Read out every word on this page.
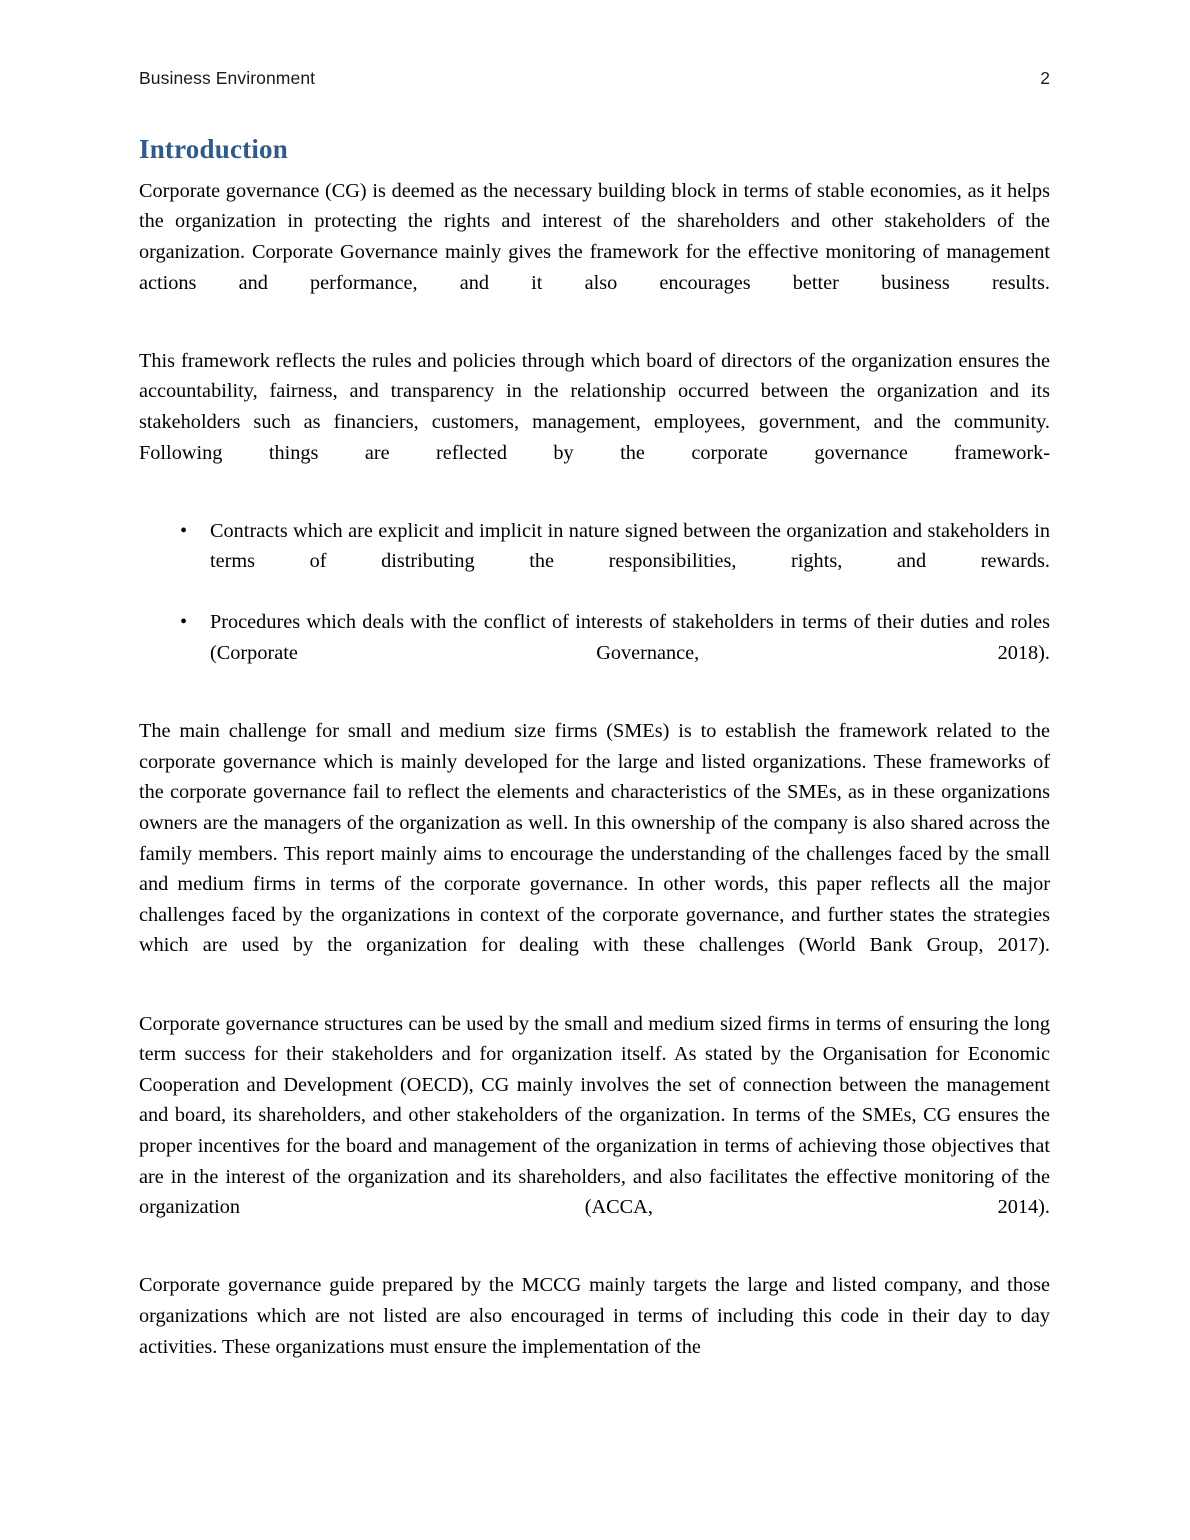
Business Environment	2
Introduction

Corporate governance (CG) is deemed as the necessary building block in terms of stable economies, as it helps the organization in protecting the rights and interest of the shareholders and other stakeholders of the organization. Corporate Governance mainly gives the framework for the effective monitoring of management actions and performance, and it also encourages better business results.

This framework reflects the rules and policies through which board of directors of the organization ensures the accountability, fairness, and transparency in the relationship occurred between the organization and its stakeholders such as financiers, customers, management, employees, government, and the community. Following things are reflected by the corporate governance framework-

• Contracts which are explicit and implicit in nature signed between the organization and stakeholders in terms of distributing the responsibilities, rights, and rewards.
• Procedures which deals with the conflict of interests of stakeholders in terms of their duties and roles (Corporate Governance, 2018).

The main challenge for small and medium size firms (SMEs) is to establish the framework related to the corporate governance which is mainly developed for the large and listed organizations. These frameworks of the corporate governance fail to reflect the elements and characteristics of the SMEs, as in these organizations owners are the managers of the organization as well. In this ownership of the company is also shared across the family members. This report mainly aims to encourage the understanding of the challenges faced by the small and medium firms in terms of the corporate governance. In other words, this paper reflects all the major challenges faced by the organizations in context of the corporate governance, and further states the strategies which are used by the organization for dealing with these challenges (World Bank Group, 2017).

Corporate governance structures can be used by the small and medium sized firms in terms of ensuring the long term success for their stakeholders and for organization itself. As stated by the Organisation for Economic Cooperation and Development (OECD), CG mainly involves the set of connection between the management and board, its shareholders, and other stakeholders of the organization. In terms of the SMEs, CG ensures the proper incentives for the board and management of the organization in terms of achieving those objectives that are in the interest of the organization and its shareholders, and also facilitates the effective monitoring of the organization (ACCA, 2014).

Corporate governance guide prepared by the MCCG mainly targets the large and listed company, and those organizations which are not listed are also encouraged in terms of including this code in their day to day activities. These organizations must ensure the implementation of the
